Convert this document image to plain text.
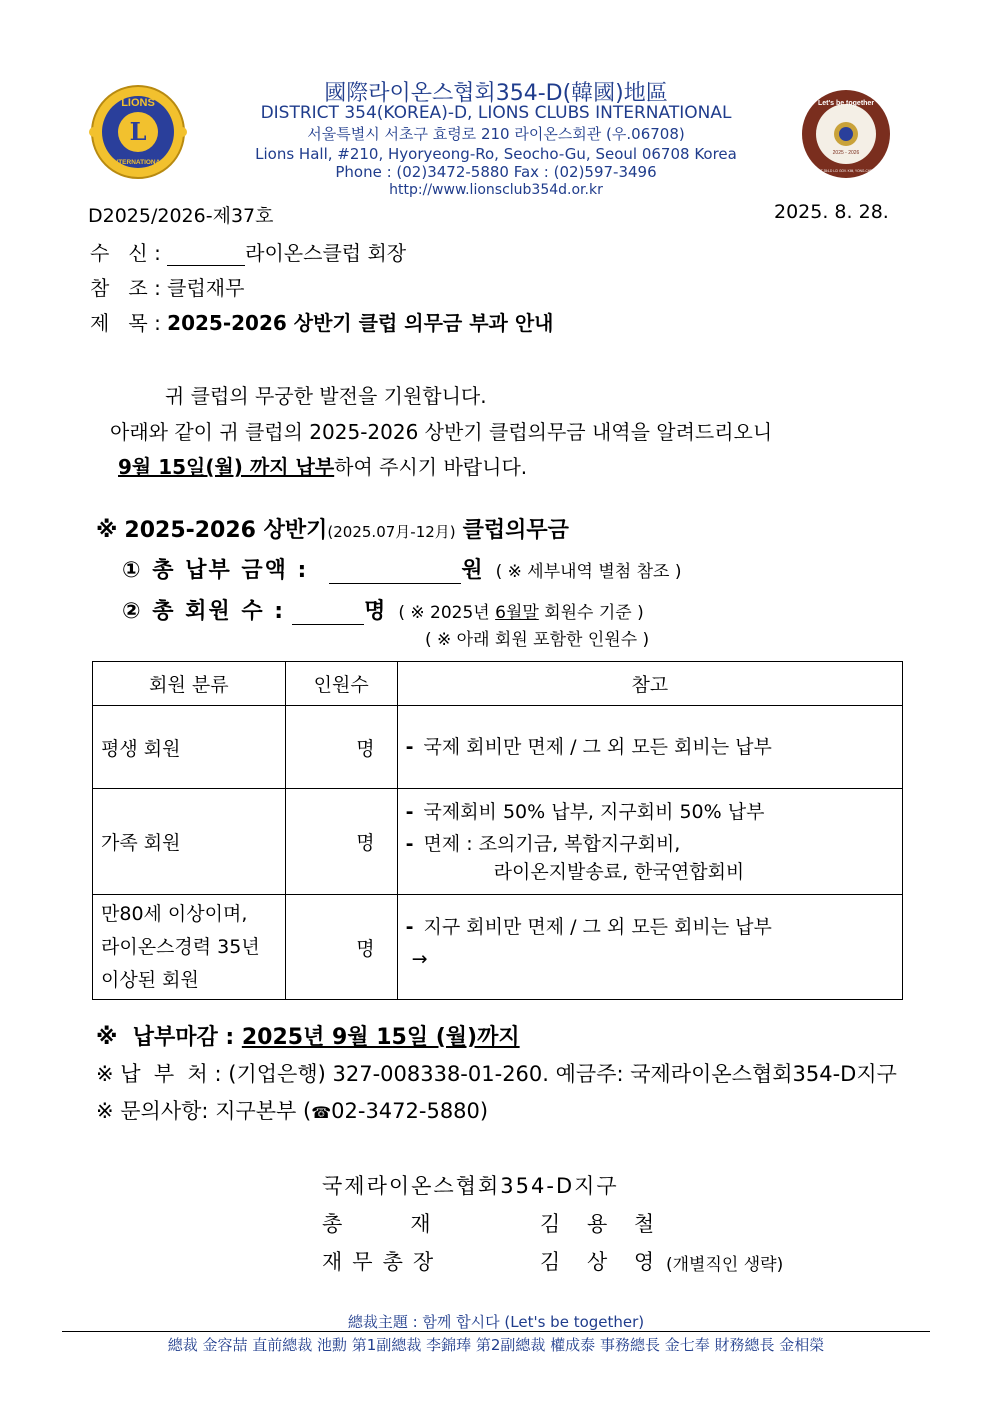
L
LIONS
INTERNATIONAL
國際라이온스협회354-D(韓國)地區
DISTRICT 354(KOREA)-D, LIONS CLUBS INTERNATIONAL
서울특별시 서초구 효령로 210 라이온스회관 (우.06708)
Lions Hall, #210, Hyoryeong-Ro, Seocho-Gu, Seoul 06708 Korea
Phone : (02)3472-5880 Fax : (02)597-3496
http://www.lionsclub354d.or.kr
Let's be together
2025 - 2026
DIST 354-D LCI GOV. KIM, YONG-CHEOL
D2025/2026-제37호	2025. 8. 28.
수   신 :	라이온스클럽 회장
참   조 : 클럽재무
제   목 : 2025-2026 상반기 클럽 의무금 부과 안내
귀 클럽의 무궁한 발전을 기원합니다.
아래와 같이 귀 클럽의 2025-2026 상반기 클럽의무금 내역을 알려드리오니
9월 15일(월) 까지 납부하여 주시기 바랍니다.
※ 2025-2026 상반기(2025.07月-12月) 클럽의무금
① 총 납부 금액 :	원 ( ※ 세부내역 별첨 참조 )
② 총 회원 수 :	명 ( ※ 2025년 6월말 회원수 기준 )
( ※ 아래 회원 포함한 인원수 )
회원 분류	인원수	참고
평생 회원	명	- 국제 회비만 면제 / 그 외 모든 회비는 납부

가족 회원	명	- 국제회비 50% 납부, 지구회비 50% 납부
- 면제 : 조의기금, 복합지구회비,
라이온지발송료, 한국연합회비

만80세 이상이며,
라이온스경력 35년
이상된 회원	명	- 지구 회비만 면제 / 그 외 모든 회비는 납부
→
※  납부마감 : 2025년 9월 15일 (월)까지
※ 납  부  처 : (기업은행) 327-008338-01-260. 예금주: 국제라이온스협회354-D지구
※ 문의사항: 지구본부 (☎02-3472-5880)
국제라이온스협회354-D지구
총      재	김 용 철
재무총장	김 상 영 (개별직인 생략)
總裁主題 : 함께 합시다 (Let's be together)
總裁 金容喆 直前總裁 池勳 第1副總裁 李錦琫 第2副總裁 權成泰 事務總長 金七奉 財務總長 金相榮
